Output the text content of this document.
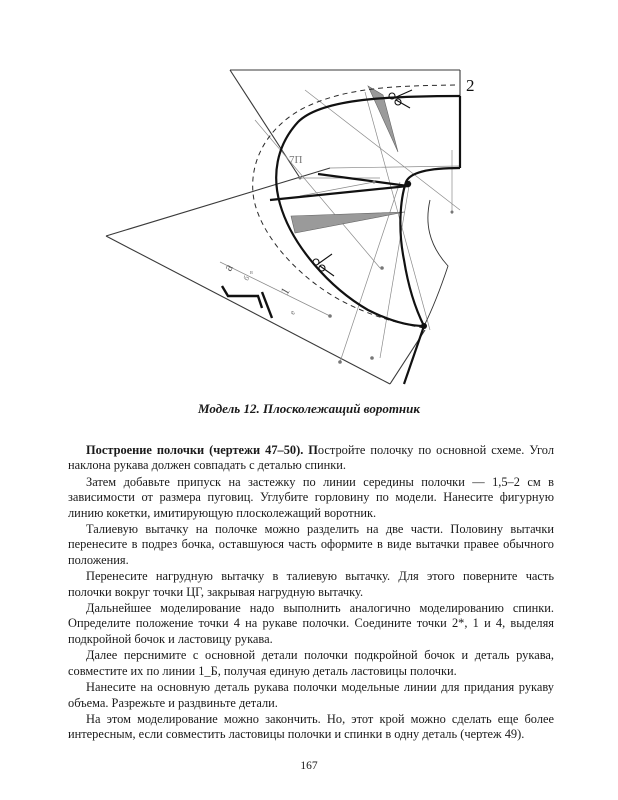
2
7П
a
б
1
е
в
Модель 12. Плосколежащий воротник

Построение полочки (чертежи 47–50). Постройте полочку по основной схеме. Угол наклона рукава должен совпадать с деталью спинки.

Затем добавьте припуск на застежку по линии середины полочки — 1,5–2 см в зависимости от размера пуговиц. Углубите горловину по модели. Нанесите фигурную линию кокетки, имитирующую плосколежащий воротник.

Талиевую вытачку на полочке можно разделить на две части. Половину вытачки перенесите в подрез бочка, оставшуюся часть оформите в виде вытачки правее обычного положения.

Перенесите нагрудную вытачку в талиевую вытачку. Для этого поверните часть полочки вокруг точки ЦГ, закрывая нагрудную вытачку.

Дальнейшее моделирование надо выполнить аналогично моделированию спинки. Определите положение точки 4 на рукаве полочки. Соедините точки 2*, 1 и 4, выделяя подкройной бочок и ластовицу рукава.

Далее перснимите с основной детали полочки подкройной бочок и деталь рукава, совместите их по линии 1_Б, получая единую деталь ластовицы полочки.

Нанесите на основную деталь рукава полочки модельные линии для придания рукаву объема. Разрежьте и раздвиньте детали.

На этом моделирование можно закончить. Но, этот крой можно сделать еще более интересным, если совместить ластовицы полочки и спинки в одну деталь (чертеж 49).

167
